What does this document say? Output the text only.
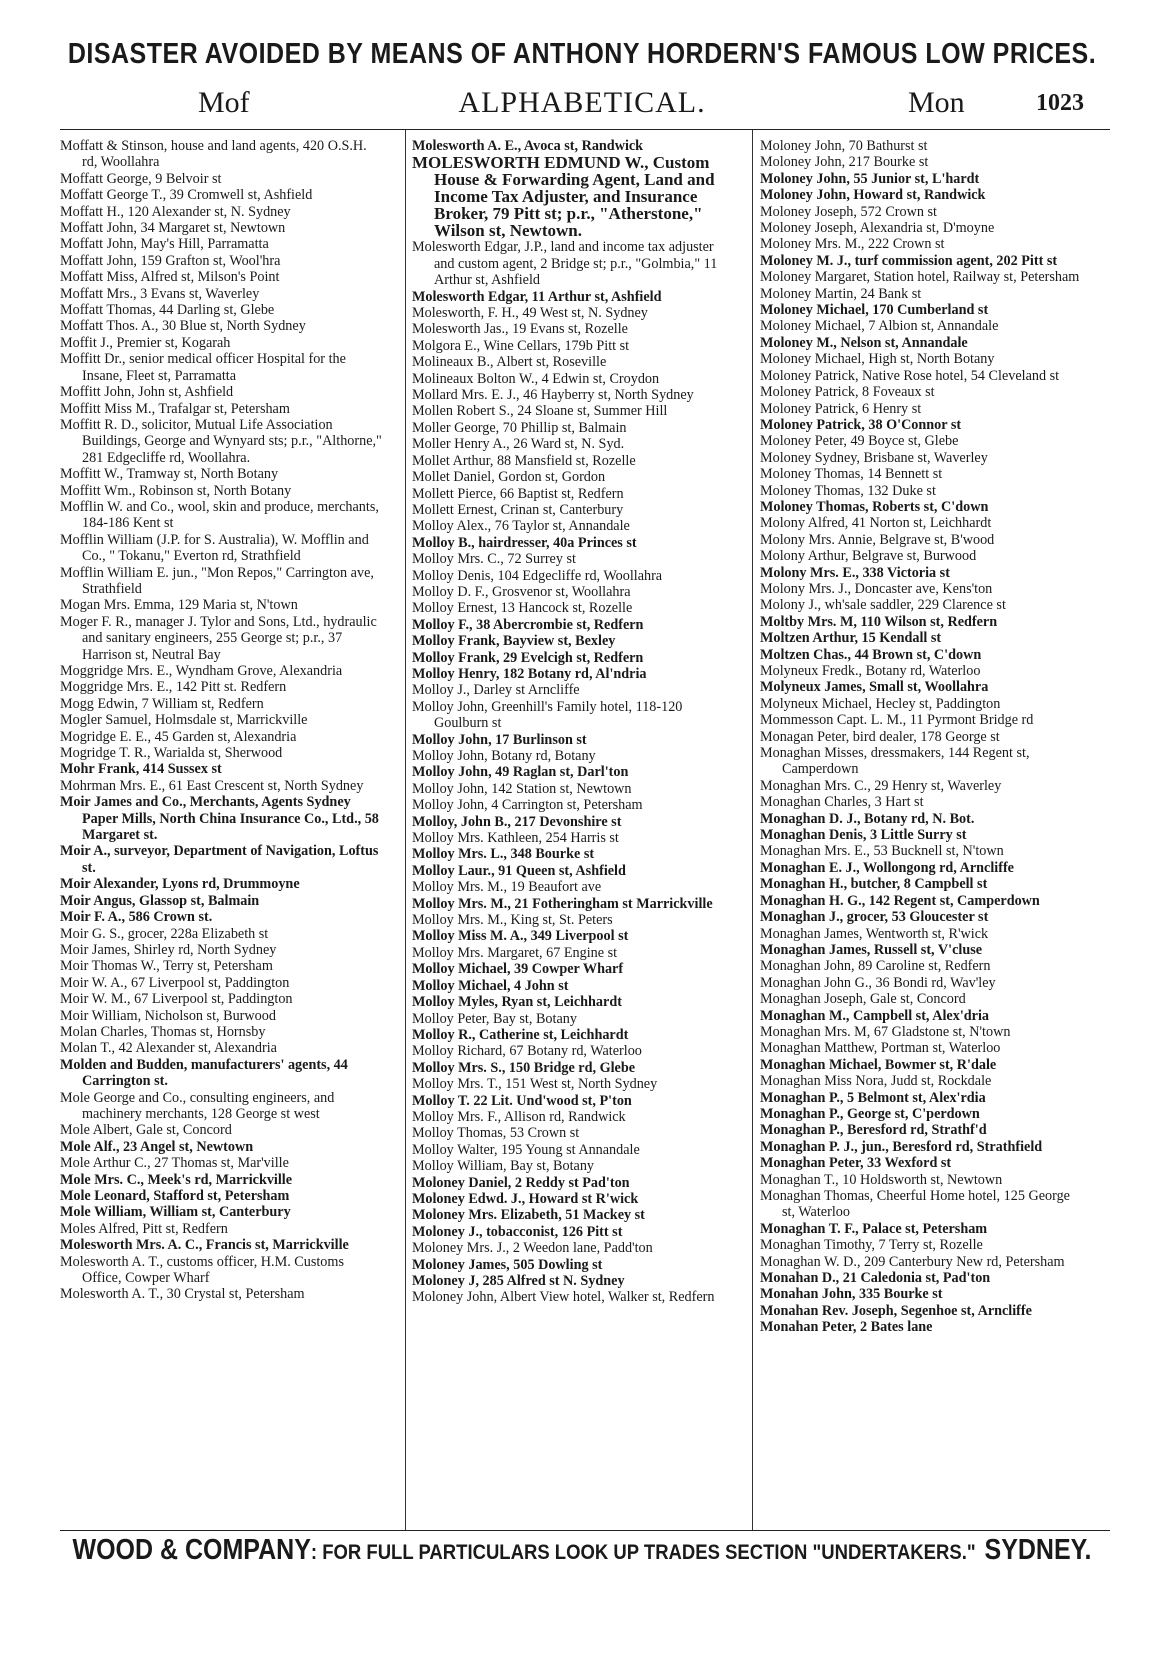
DISASTER AVOIDED BY MEANS OF ANTHONY HORDERN'S FAMOUS LOW PRICES.
Mof	ALPHABETICAL.	Mon	1023

Moffatt & Stinson, house and land agents, 420 O.S.H. rd, Woollahra

Moffatt George, 9 Belvoir st

Moffatt George T., 39 Cromwell st, Ashfield

Moffatt H., 120 Alexander st, N. Sydney

Moffatt John, 34 Margaret st, Newtown

Moffatt John, May's Hill, Parramatta

Moffatt John, 159 Grafton st, Wool'hra

Moffatt Miss, Alfred st, Milson's Point

Moffatt Mrs., 3 Evans st, Waverley

Moffatt Thomas, 44 Darling st, Glebe

Moffatt Thos. A., 30 Blue st, North Sydney

Moffit J., Premier st, Kogarah

Moffitt Dr., senior medical officer Hospital for the Insane, Fleet st, Parramatta

Moffitt John, John st, Ashfield

Moffitt Miss M., Trafalgar st, Petersham

Moffitt R. D., solicitor, Mutual Life Association Buildings, George and Wynyard sts; p.r., "Althorne," 281 Edgecliffe rd, Woollahra.

Moffitt W., Tramway st, North Botany

Moffitt Wm., Robinson st, North Botany

Mofflin W. and Co., wool, skin and produce, merchants, 184-186 Kent st

Mofflin William (J.P. for S. Australia), W. Mofflin and Co., " Tokanu," Everton rd, Strathfield

Mofflin William E. jun., "Mon Repos," Carrington ave, Strathfield

Mogan Mrs. Emma, 129 Maria st, N'town

Moger F. R., manager J. Tylor and Sons, Ltd., hydraulic and sanitary engineers, 255 George st; p.r., 37 Harrison st, Neutral Bay

Moggridge Mrs. E., Wyndham Grove, Alexandria

Moggridge Mrs. E., 142 Pitt st. Redfern

Mogg Edwin, 7 William st, Redfern

Mogler Samuel, Holmsdale st, Marrickville

Mogridge E. E., 45 Garden st, Alexandria

Mogridge T. R., Warialda st, Sherwood

Mohr Frank, 414 Sussex st

Mohrman Mrs. E., 61 East Crescent st, North Sydney

Moir James and Co., Merchants, Agents Sydney Paper Mills, North China Insurance Co., Ltd., 58 Margaret st.

Moir A., surveyor, Department of Navigation, Loftus st.

Moir Alexander, Lyons rd, Drummoyne

Moir Angus, Glassop st, Balmain

Moir F. A., 586 Crown st.

Moir G. S., grocer, 228a Elizabeth st

Moir James, Shirley rd, North Sydney

Moir Thomas W., Terry st, Petersham

Moir W. A., 67 Liverpool st, Paddington

Moir W. M., 67 Liverpool st, Paddington

Moir William, Nicholson st, Burwood

Molan Charles, Thomas st, Hornsby

Molan T., 42 Alexander st, Alexandria

Molden and Budden, manufacturers' agents, 44 Carrington st.

Mole George and Co., consulting engineers, and machinery merchants, 128 George st west

Mole Albert, Gale st, Concord

Mole Alf., 23 Angel st, Newtown

Mole Arthur C., 27 Thomas st, Mar'ville

Mole Mrs. C., Meek's rd, Marrickville

Mole Leonard, Stafford st, Petersham

Mole William, William st, Canterbury

Moles Alfred, Pitt st, Redfern

Molesworth Mrs. A. C., Francis st, Marrickville

Molesworth A. T., customs officer, H.M. Customs Office, Cowper Wharf

Molesworth A. T., 30 Crystal st, Petersham

Molesworth A. E., Avoca st, Randwick

MOLESWORTH EDMUND W., Custom House & Forwarding Agent, Land and Income Tax Adjuster, and Insurance Broker, 79 Pitt st; p.r., "Atherstone," Wilson st, Newtown.

Molesworth Edgar, J.P., land and income tax adjuster and custom agent, 2 Bridge st; p.r., "Golmbia," 11 Arthur st, Ashfield

Molesworth Edgar, 11 Arthur st, Ashfield

Molesworth, F. H., 49 West st, N. Sydney

Molesworth Jas., 19 Evans st, Rozelle

Molgora E., Wine Cellars, 179b Pitt st

Molineaux B., Albert st, Roseville

Molineaux Bolton W., 4 Edwin st, Croydon

Mollard Mrs. E. J., 46 Hayberry st, North Sydney

Mollen Robert S., 24 Sloane st, Summer Hill

Moller George, 70 Phillip st, Balmain

Moller Henry A., 26 Ward st, N. Syd.

Mollet Arthur, 88 Mansfield st, Rozelle

Mollet Daniel, Gordon st, Gordon

Mollett Pierce, 66 Baptist st, Redfern

Mollett Ernest, Crinan st, Canterbury

Molloy Alex., 76 Taylor st, Annandale

Molloy B., hairdresser, 40a Princes st

Molloy Mrs. C., 72 Surrey st

Molloy Denis, 104 Edgecliffe rd, Woollahra

Molloy D. F., Grosvenor st, Woollahra

Molloy Ernest, 13 Hancock st, Rozelle

Molloy F., 38 Abercrombie st, Redfern

Molloy Frank, Bayview st, Bexley

Molloy Frank, 29 Evelcigh st, Redfern

Molloy Henry, 182 Botany rd, Al'ndria

Molloy J., Darley st Arncliffe

Molloy John, Greenhill's Family hotel, 118-120 Goulburn st

Molloy John, 17 Burlinson st

Molloy John, Botany rd, Botany

Molloy John, 49 Raglan st, Darl'ton

Molloy John, 142 Station st, Newtown

Molloy John, 4 Carrington st, Petersham

Molloy, John B., 217 Devonshire st

Molloy Mrs. Kathleen, 254 Harris st

Molloy Mrs. L., 348 Bourke st

Molloy Laur., 91 Queen st, Ashfield

Molloy Mrs. M., 19 Beaufort ave

Molloy Mrs. M., 21 Fotheringham st Marrickville

Molloy Mrs. M., King st, St. Peters

Molloy Miss M. A., 349 Liverpool st

Molloy Mrs. Margaret, 67 Engine st

Molloy Michael, 39 Cowper Wharf

Molloy Michael, 4 John st

Molloy Myles, Ryan st, Leichhardt

Molloy Peter, Bay st, Botany

Molloy R., Catherine st, Leichhardt

Molloy Richard, 67 Botany rd, Waterloo

Molloy Mrs. S., 150 Bridge rd, Glebe

Molloy Mrs. T., 151 West st, North Sydney

Molloy T. 22 Lit. Und'wood st, P'ton

Molloy Mrs. F., Allison rd, Randwick

Molloy Thomas, 53 Crown st

Molloy Walter, 195 Young st Annandale

Molloy William, Bay st, Botany

Moloney Daniel, 2 Reddy st Pad'ton

Moloney Edwd. J., Howard st R'wick

Moloney Mrs. Elizabeth, 51 Mackey st

Moloney J., tobacconist, 126 Pitt st

Moloney Mrs. J., 2 Weedon lane, Padd'ton

Moloney James, 505 Dowling st

Moloney J, 285 Alfred st N. Sydney

Moloney John, Albert View hotel, Walker st, Redfern

Moloney John, 70 Bathurst st

Moloney John, 217 Bourke st

Moloney John, 55 Junior st, L'hardt

Moloney John, Howard st, Randwick

Moloney Joseph, 572 Crown st

Moloney Joseph, Alexandria st, D'moyne

Moloney Mrs. M., 222 Crown st

Moloney M. J., turf commission agent, 202 Pitt st

Moloney Margaret, Station hotel, Railway st, Petersham

Moloney Martin, 24 Bank st

Moloney Michael, 170 Cumberland st

Moloney Michael, 7 Albion st, Annandale

Moloney M., Nelson st, Annandale

Moloney Michael, High st, North Botany

Moloney Patrick, Native Rose hotel, 54 Cleveland st

Moloney Patrick, 8 Foveaux st

Moloney Patrick, 6 Henry st

Moloney Patrick, 38 O'Connor st

Moloney Peter, 49 Boyce st, Glebe

Moloney Sydney, Brisbane st, Waverley

Moloney Thomas, 14 Bennett st

Moloney Thomas, 132 Duke st

Moloney Thomas, Roberts st, C'down

Molony Alfred, 41 Norton st, Leichhardt

Molony Mrs. Annie, Belgrave st, B'wood

Molony Arthur, Belgrave st, Burwood

Molony Mrs. E., 338 Victoria st

Molony Mrs. J., Doncaster ave, Kens'ton

Molony J., wh'sale saddler, 229 Clarence st

Moltby Mrs. M, 110 Wilson st, Redfern

Moltzen Arthur, 15 Kendall st

Moltzen Chas., 44 Brown st, C'down

Molyneux Fredk., Botany rd, Waterloo

Molyneux James, Small st, Woollahra

Molyneux Michael, Hecley st, Paddington

Mommesson Capt. L. M., 11 Pyrmont Bridge rd

Monagan Peter, bird dealer, 178 George st

Monaghan Misses, dressmakers, 144 Regent st, Camperdown

Monaghan Mrs. C., 29 Henry st, Waverley

Monaghan Charles, 3 Hart st

Monaghan D. J., Botany rd, N. Bot.

Monaghan Denis, 3 Little Surry st

Monaghan Mrs. E., 53 Bucknell st, N'town

Monaghan E. J., Wollongong rd, Arncliffe

Monaghan H., butcher, 8 Campbell st

Monaghan H. G., 142 Regent st, Camperdown

Monaghan J., grocer, 53 Gloucester st

Monaghan James, Wentworth st, R'wick

Monaghan James, Russell st, V'cluse

Monaghan John, 89 Caroline st, Redfern

Monaghan John G., 36 Bondi rd, Wav'ley

Monaghan Joseph, Gale st, Concord

Monaghan M., Campbell st, Alex'dria

Monaghan Mrs. M, 67 Gladstone st, N'town

Monaghan Matthew, Portman st, Waterloo

Monaghan Michael, Bowmer st, R'dale

Monaghan Miss Nora, Judd st, Rockdale

Monaghan P., 5 Belmont st, Alex'rdia

Monaghan P., George st, C'perdown

Monaghan P., Beresford rd, Strathf'd

Monaghan P. J., jun., Beresford rd, Strathfield

Monaghan Peter, 33 Wexford st

Monaghan T., 10 Holdsworth st, Newtown

Monaghan Thomas, Cheerful Home hotel, 125 George st, Waterloo

Monaghan T. F., Palace st, Petersham

Monaghan Timothy, 7 Terry st, Rozelle

Monaghan W. D., 209 Canterbury New rd, Petersham

Monahan D., 21 Caledonia st, Pad'ton

Monahan John, 335 Bourke st

Monahan Rev. Joseph, Segenhoe st, Arncliffe

Monahan Peter, 2 Bates lane

WOOD & COMPANY: FOR FULL PARTICULARS LOOK UP TRADES SECTION "UNDERTAKERS." SYDNEY.
